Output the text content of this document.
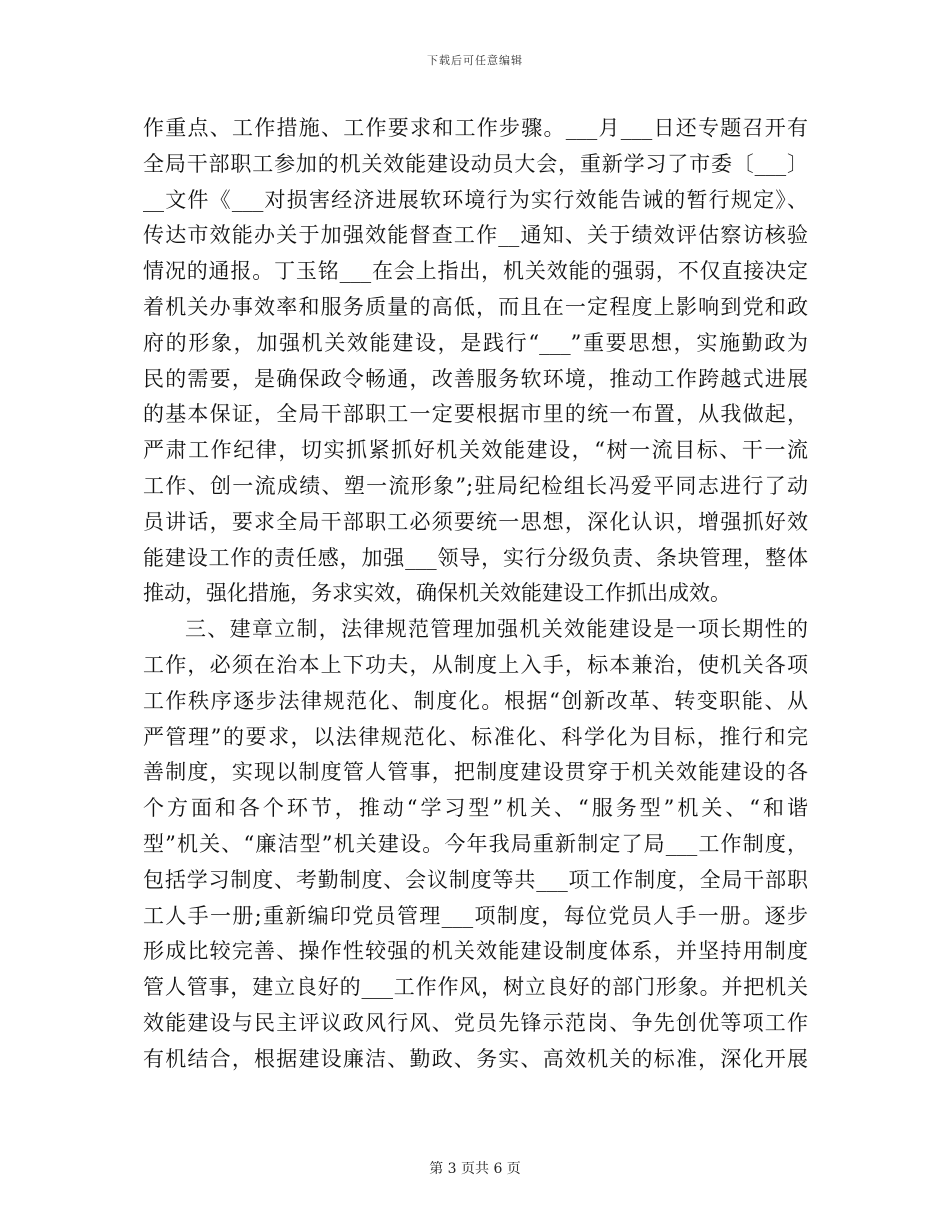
下载后可任意编辑
作重点、工作措施、工作要求和工作步骤。___月___日还专题召开有
全局干部职工参加的机关效能建设动员大会，重新学习了市委〔___〕
__文件《___对损害经济进展软环境行为实行效能告诫的暂行规定》、
传达市效能办关于加强效能督查工作__通知、关于绩效评估察访核验
情况的通报。丁玉铭___在会上指出，机关效能的强弱，不仅直接决定
着机关办事效率和服务质量的高低，而且在一定程度上影响到党和政
府的形象，加强机关效能建设，是践行“___”重要思想，实施勤政为
民的需要，是确保政令畅通，改善服务软环境，推动工作跨越式进展
的基本保证，全局干部职工一定要根据市里的统一布置，从我做起，
严肃工作纪律，切实抓紧抓好机关效能建设，“树一流目标、干一流
工作、创一流成绩、塑一流形象”;驻局纪检组长冯爱平同志进行了动
员讲话，要求全局干部职工必须要统一思想，深化认识，增强抓好效
能建设工作的责任感，加强___领导，实行分级负责、条块管理，整体
推动，强化措施，务求实效，确保机关效能建设工作抓出成效。
三、建章立制，法律规范管理加强机关效能建设是一项长期性的
工作，必须在治本上下功夫，从制度上入手，标本兼治，使机关各项
工作秩序逐步法律规范化、制度化。根据“创新改革、转变职能、从
严管理”的要求，以法律规范化、标准化、科学化为目标，推行和完
善制度，实现以制度管人管事，把制度建设贯穿于机关效能建设的各
个方面和各个环节，推动“学习型”机关、“服务型”机关、“和谐
型”机关、“廉洁型”机关建设。今年我局重新制定了局___工作制度，
包括学习制度、考勤制度、会议制度等共___项工作制度，全局干部职
工人手一册;重新编印党员管理___项制度，每位党员人手一册。逐步
形成比较完善、操作性较强的机关效能建设制度体系，并坚持用制度
管人管事，建立良好的___工作作风，树立良好的部门形象。并把机关
效能建设与民主评议政风行风、党员先锋示范岗、争先创优等项工作
有机结合，根据建设廉洁、勤政、务实、高效机关的标准，深化开展
第 3 页共 6 页
